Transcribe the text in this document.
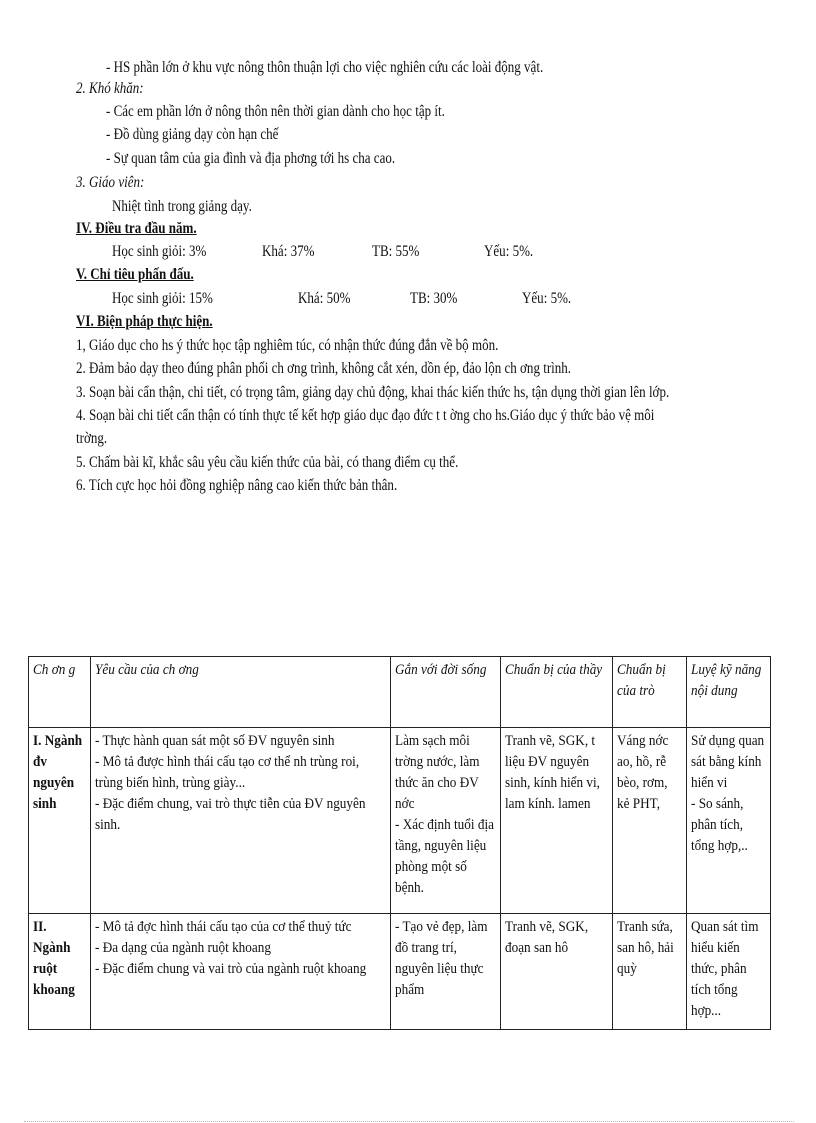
- HS phần lớn ở khu vực nông thôn thuận lợi cho việc nghiên cứu các loài động vật.
2. Khó khăn:
- Các em phần lớn ở nông thôn nên thời gian dành cho học tập ít.
- Đồ dùng giảng dạy còn hạn chế
- Sự quan tâm của gia đình và địa phơng tới hs cha cao.
3. Giáo viên:
Nhiệt tình trong giảng dạy.
IV. Điều tra đầu năm.
Học sinh giỏi: 3%	Khá: 37%	TB: 55%	Yếu: 5%.
V. Chỉ tiêu phấn đấu.
Học sinh giỏi: 15%	Khá: 50%	TB: 30%	Yếu: 5%.
VI. Biện pháp thực hiện.
1, Giáo dục cho hs ý thức học tập nghiêm túc, có nhận thức đúng đắn về bộ môn.
2. Đảm bảo dạy theo đúng phân phối ch ơng trình, không cắt xén, dồn ép, đảo lộn ch ơng trình.
3. Soạn bài cẩn thận, chi tiết, có trọng tâm, giảng dạy chủ động, khai thác kiến thức hs, tận dụng thời gian lên lớp.
4. Soạn bài chi tiết cẩn thận có tính thực tế kết hợp giáo dục đạo đức t t ờng cho hs.Giáo dục ý thức bảo vệ môi
trờng.
5. Chấm bài kĩ, khắc sâu yêu cầu kiến thức của bài, có thang điểm cụ thể.
6. Tích cực học hỏi đồng nghiệp nâng cao kiến thức bản thân.
Ch ơn g	Yêu cầu của ch ơng	Gắn với đời sống	Chuẩn bị của thầy	Chuẩn bị của trò	Luyệ kỹ năng nội dung

I. Ngành đv nguyên sinh	- Thực hành quan sát một số ĐV nguyên sinh
- Mô tả được hình thái cấu tạo cơ thể nh trùng roi, trùng biến hình, trùng giày...
- Đặc điểm chung, vai trò thực tiễn của ĐV nguyên sinh.	Làm sạch môi trờng nước, làm thức ăn cho ĐV nớc
- Xác định tuổi địa tầng, nguyên liệu phòng một số bệnh.	Tranh vẽ, SGK, t liệu ĐV nguyên sinh, kính hiển vi, lam kính. lamen	Váng nớc ao, hồ, rễ bèo, rơm, kẻ PHT,	Sử dụng quan sát bằng kính hiển vi
- So sánh, phân tích, tổng hợp,..

II. Ngành ruột khoang	- Mô tả đợc hình thái cấu tạo của cơ thể thuỷ tức
- Đa dạng của ngành ruột khoang
- Đặc điểm chung và vai trò của ngành ruột khoang	- Tạo vẻ đẹp, làm đồ trang trí, nguyên liệu thực phẩm	Tranh vẽ, SGK, đoạn san hô	Tranh sứa, san hô, hải quỳ	Quan sát tìm hiểu kiến thức, phân tích tổng hợp...
